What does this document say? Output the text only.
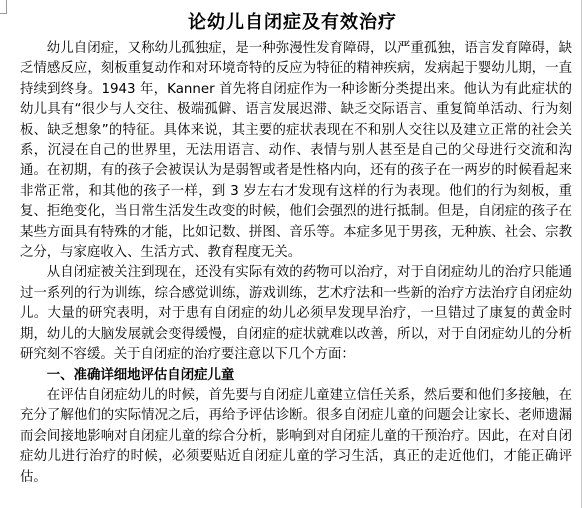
论幼儿自闭症及有效治疗

幼儿自闭症，又称幼儿孤独症，是一种弥漫性发育障碍，以严重孤独，语言发育障碍，缺乏情感反应，刻板重复动作和对环境奇特的反应为特征的精神疾病，发病起于婴幼儿期，一直持续到终身。1943 年，Kanner 首先将自闭症作为一种诊断分类提出来。他认为有此症状的幼儿具有“很少与人交往、极端孤僻、语言发展迟滞、缺乏交际语言、重复简单活动、行为刻板、缺乏想象”的特征。具体来说，其主要的症状表现在不和别人交往以及建立正常的社会关系，沉浸在自己的世界里，无法用语言、动作、表情与别人甚至是自己的父母进行交流和沟通。在初期，有的孩子会被误认为是弱智或者是性格内向，还有的孩子在一两岁的时候看起来非常正常，和其他的孩子一样，到 3 岁左右才发现有这样的行为表现。他们的行为刻板，重复、拒绝变化，当日常生活发生改变的时候，他们会强烈的进行抵制。但是，自闭症的孩子在某些方面具有特殊的才能，比如记数、拼图、音乐等。本症多见于男孩，无种族、社会、宗教之分，与家庭收入、生活方式、教育程度无关。

从自闭症被关注到现在，还没有实际有效的药物可以治疗，对于自闭症幼儿的治疗只能通过一系列的行为训练，综合感觉训练，游戏训练，艺术疗法和一些新的治疗方法治疗自闭症幼儿。大量的研究表明，对于患有自闭症的幼儿必须早发现早治疗，一旦错过了康复的黄金时期，幼儿的大脑发展就会变得缓慢，自闭症的症状就难以改善，所以，对于自闭症幼儿的分析研究刻不容缓。关于自闭症的治疗要注意以下几个方面：

一、准确详细地评估自闭症儿童

在评估自闭症幼儿的时候，首先要与自闭症儿童建立信任关系，然后要和他们多接触，在充分了解他们的实际情况之后，再给予评估诊断。很多自闭症儿童的问题会让家长、老师遗漏而会间接地影响对自闭症儿童的综合分析，影响到对自闭症儿童的干预治疗。因此，在对自闭症幼儿进行治疗的时候，必须要贴近自闭症儿童的学习生活，真正的走近他们，才能正确评估。
